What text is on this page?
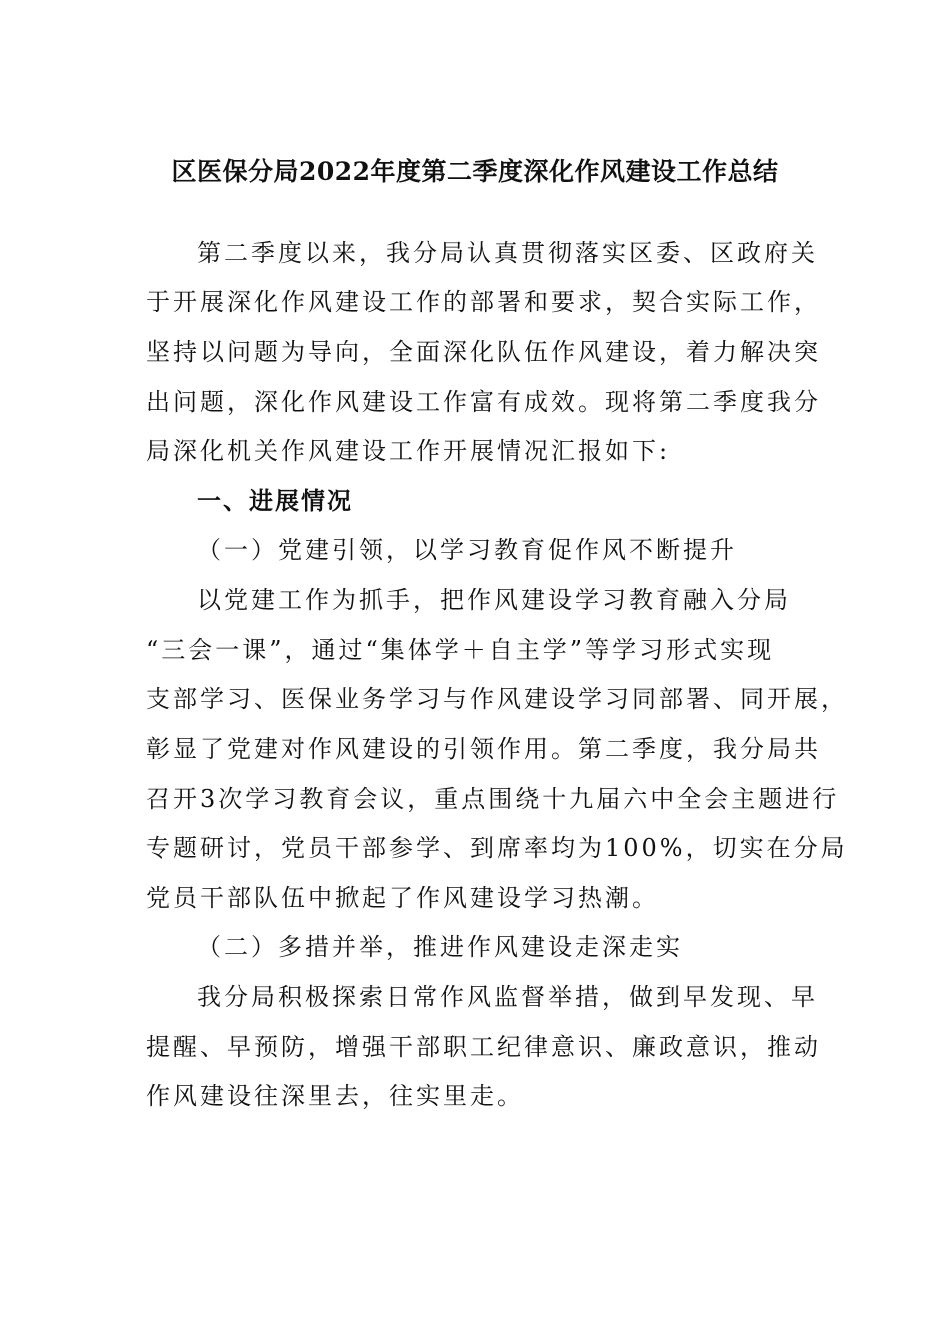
区医保分局2022年度第二季度深化作风建设工作总结
第二季度以来，我分局认真贯彻落实区委、区政府关
于开展深化作风建设工作的部署和要求，契合实际工作，
坚持以问题为导向，全面深化队伍作风建设，着力解决突
出问题，深化作风建设工作富有成效。现将第二季度我分
局深化机关作风建设工作开展情况汇报如下:
一、进展情况
（一）党建引领，以学习教育促作风不断提升
以党建工作为抓手，把作风建设学习教育融入分局
“三会一课”，通过“集体学＋自主学”等学习形式实现
支部学习、医保业务学习与作风建设学习同部署、同开展，
彰显了党建对作风建设的引领作用。第二季度，我分局共
召开3次学习教育会议，重点围绕十九届六中全会主题进行
专题研讨，党员干部参学、到席率均为100%，切实在分局
党员干部队伍中掀起了作风建设学习热潮。
（二）多措并举，推进作风建设走深走实
我分局积极探索日常作风监督举措，做到早发现、早
提醒、早预防，增强干部职工纪律意识、廉政意识，推动
作风建设往深里去，往实里走。
